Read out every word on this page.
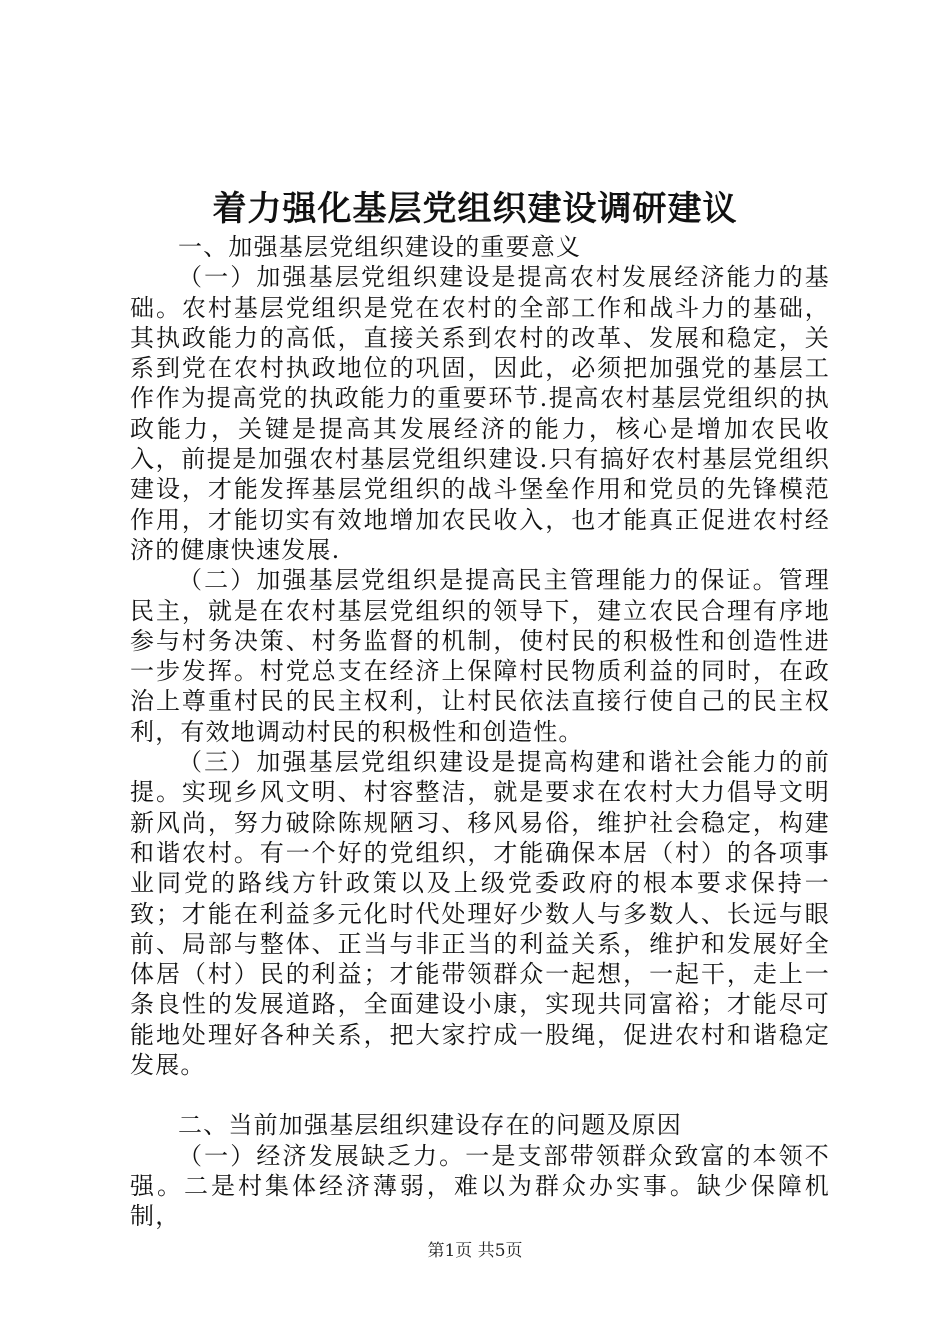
着力强化基层党组织建设调研建议

一、加强基层党组织建设的重要意义

（一）加强基层党组织建设是提高农村发展经济能力的基础。农村基层党组织是党在农村的全部工作和战斗力的基础，其执政能力的高低，直接关系到农村的改革、发展和稳定，关系到党在农村执政地位的巩固，因此，必须把加强党的基层工作作为提高党的执政能力的重要环节.提高农村基层党组织的执政能力，关键是提高其发展经济的能力，核心是增加农民收入，前提是加强农村基层党组织建设.只有搞好农村基层党组织建设，才能发挥基层党组织的战斗堡垒作用和党员的先锋模范作用，才能切实有效地增加农民收入，也才能真正促进农村经济的健康快速发展.

（二）加强基层党组织是提高民主管理能力的保证。管理民主，就是在农村基层党组织的领导下，建立农民合理有序地参与村务决策、村务监督的机制，使村民的积极性和创造性进一步发挥。村党总支在经济上保障村民物质利益的同时，在政治上尊重村民的民主权利，让村民依法直接行使自己的民主权利，有效地调动村民的积极性和创造性。

（三）加强基层党组织建设是提高构建和谐社会能力的前提。实现乡风文明、村容整洁，就是要求在农村大力倡导文明新风尚，努力破除陈规陋习、移风易俗，维护社会稳定，构建和谐农村。有一个好的党组织，才能确保本居（村）的各项事业同党的路线方针政策以及上级党委政府的根本要求保持一致；才能在利益多元化时代处理好少数人与多数人、长远与眼前、局部与整体、正当与非正当的利益关系，维护和发展好全体居（村）民的利益；才能带领群众一起想，一起干，走上一条良性的发展道路，全面建设小康，实现共同富裕；才能尽可能地处理好各种关系，把大家拧成一股绳，促进农村和谐稳定发展。

二、当前加强基层组织建设存在的问题及原因

（一）经济发展缺乏力。一是支部带领群众致富的本领不强。二是村集体经济薄弱，难以为群众办实事。缺少保障机制，

第1页 共5页
